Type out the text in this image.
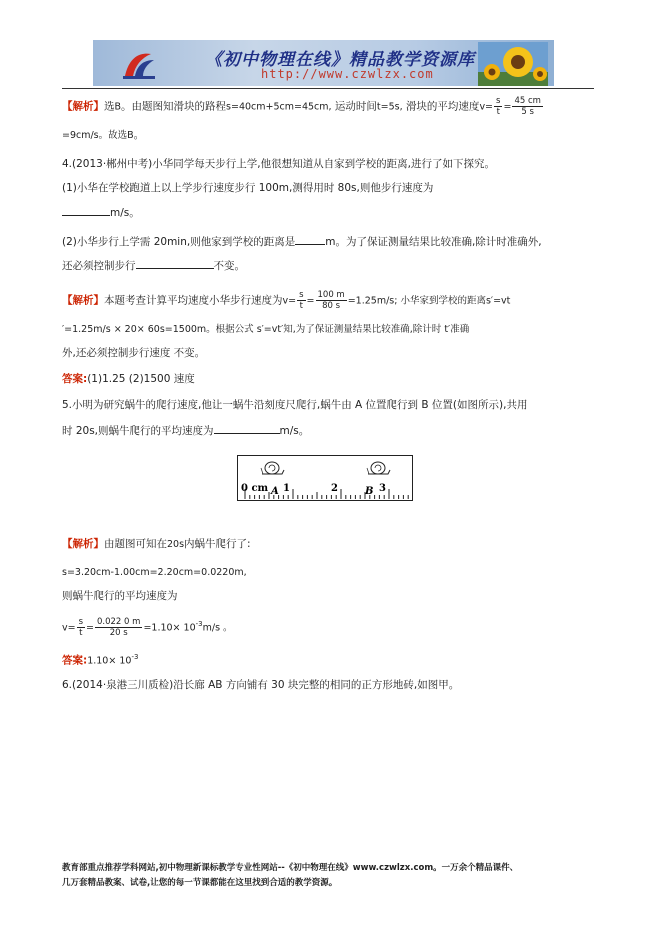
《初中物理在线》精品教学资源库
http://www.czwlzx.com
【解析】选B。由题图知滑块的路程s=40cm+5cm=45cm, 运动时间t=5s, 滑块的平均速度$v= \frac{s}{t} = \frac{45 cm}{5 s}$
=9cm/s。故选B。
4.(2013·郴州中考)小华同学每天步行上学,他很想知道从自家到学校的距离,进行了如下探究。
(1)小华在学校跑道上以上学步行速度步行 100m,测得用时 80s,则他步行速度为
m/s。
(2)小华步行上学需 20min,则他家到学校的距离是	m。为了保证测量结果比较准确,除计时准确外,
还必须控制步行	不变。
【解析】本题考查计算平均速度小华步行速度为$v= \frac{s}{t} = \frac{100 m}{80 s} =1.25m/s$; 小华家到学校的距离s′=vt
′=1.25m/s × 20× 60s=1500m。根据公式 s′=vt′知,为了保证测量结果比较准确,除计时 t′准确
外,还必须控制步行速度 不变。
答案:(1)1.25 (2)1500 速度
5.小明为研究蜗牛的爬行速度,他让一蜗牛沿刻度尺爬行,蜗牛由 A 位置爬行到 B 位置(如图所示),共用
时 20s,则蜗牛爬行的平均速度为	m/s。
0 cm 1	2	3
A	B
【解析】由题图可知在20s内蜗牛爬行了:
s=3.20cm-1.00cm=2.20cm=0.0220m,
则蜗牛爬行的平均速度为
$v= \frac{s}{t} = \frac{0.022 0 m}{20 s} =1.10\times 10^{-3}m/s$ 。
答案:1.10× $10^{-3}$
6.(2014·泉港三川质检)沿长廊 AB 方向铺有 30 块完整的相同的正方形地砖,如图甲。
教育部重点推荐学科网站,初中物理新课标教学专业性网站--《初中物理在线》www.czwlzx.com。一万余个精品课件、
几万套精品教案、试卷,让您的每一节课都能在这里找到合适的教学资源。
